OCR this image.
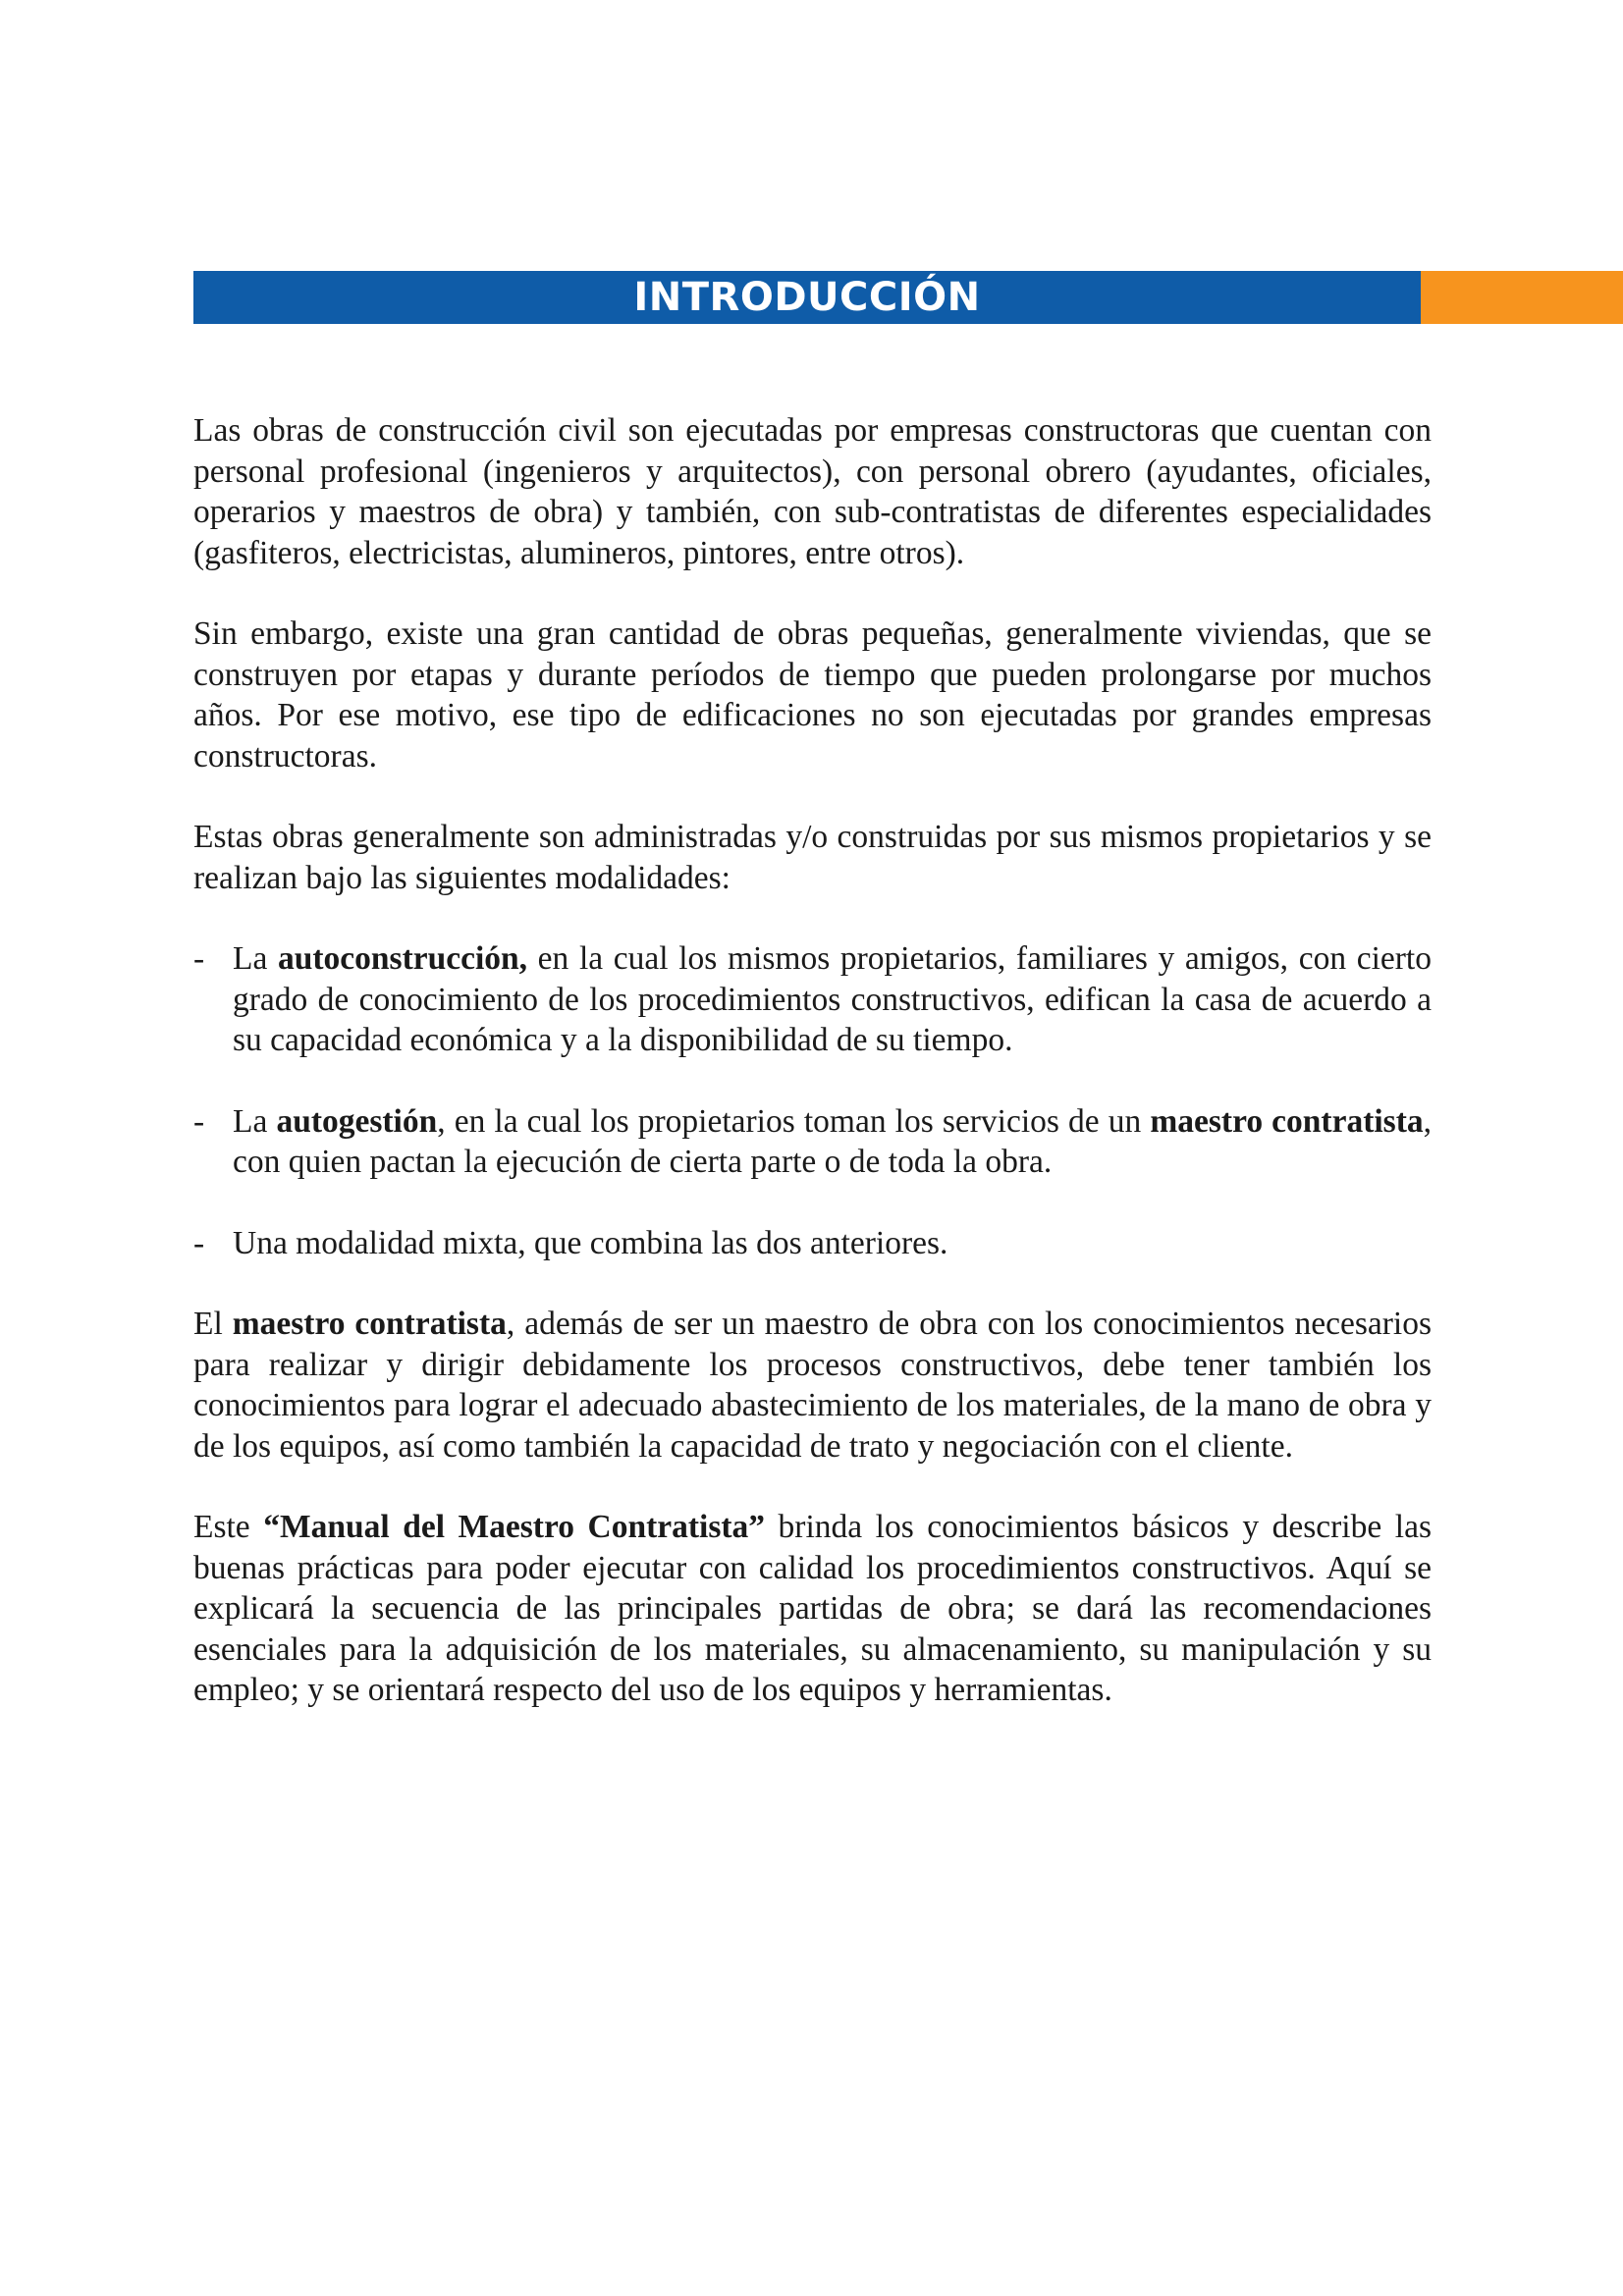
INTRODUCCIÓN

Las obras de construcción civil son ejecutadas por empresas constructoras que cuentan con personal profesional (ingenieros y arquitectos), con personal obrero (ayudantes, oficiales, operarios y maestros de obra) y también, con sub-contratistas de diferentes especialidades (gasfiteros, electricistas, alumineros, pintores, entre otros).

Sin embargo, existe una gran cantidad de obras pequeñas, generalmente viviendas, que se construyen por etapas y durante períodos de tiempo que pueden prolongarse por muchos años. Por ese motivo, ese tipo de edificaciones no son ejecutadas por grandes empresas constructoras.

Estas obras generalmente son administradas y/o construidas por sus mismos propietarios y se realizan bajo las siguientes modalidades:

- La autoconstrucción, en la cual los mismos propietarios, familiares y amigos, con cierto grado de conocimiento de los procedimientos constructivos, edifican la casa de acuerdo a su capacidad económica y a la disponibilidad de su tiempo.
- La autogestión, en la cual los propietarios toman los servicios de un maestro contratista, con quien pactan la ejecución de cierta parte o de toda la obra.
- Una modalidad mixta, que combina las dos anteriores.

El maestro contratista, además de ser un maestro de obra con los conocimientos necesarios para realizar y dirigir debidamente los procesos constructivos, debe tener también los conocimientos para lograr el adecuado abastecimiento de los materiales, de la mano de obra y de los equipos, así como también la capacidad de trato y negociación con el cliente.

Este “Manual del Maestro Contratista” brinda los conocimientos básicos y describe las buenas prácticas para poder ejecutar con calidad los procedimientos constructivos. Aquí se explicará la secuencia de las principales partidas de obra; se dará las recomendaciones esenciales para la adquisición de los materiales, su almacenamiento, su manipulación y su empleo; y se orientará respecto del uso de los equipos y herramientas.
